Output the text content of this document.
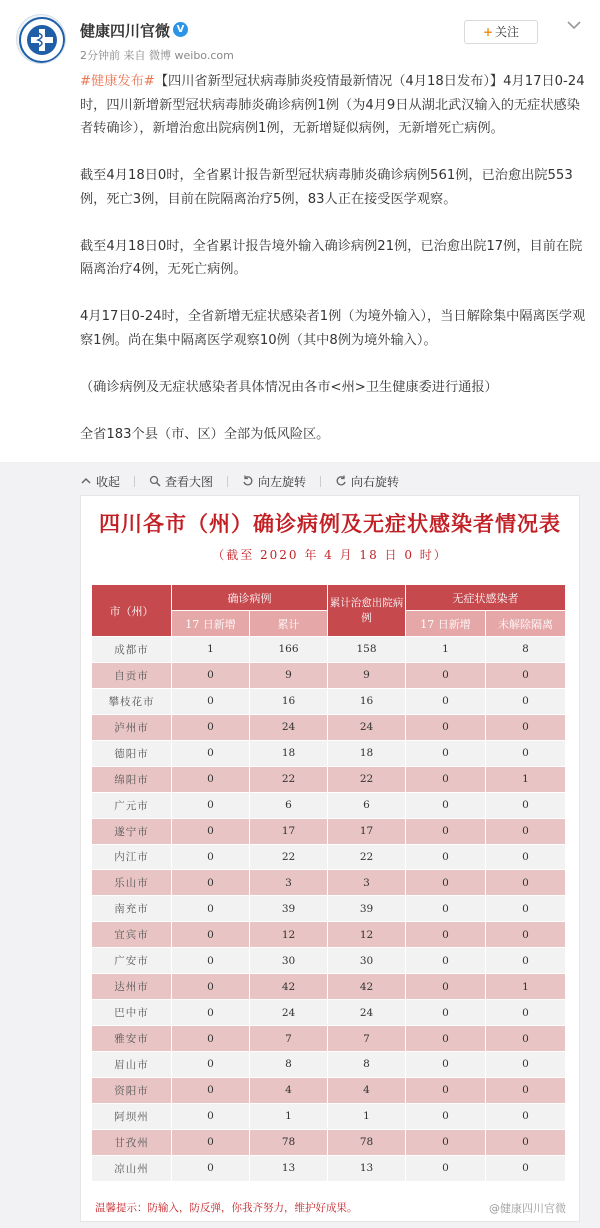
健康四川官微 V
2分钟前 来自 微博 weibo.com
+ 关注

#健康发布#【四川省新型冠状病毒肺炎疫情最新情况（4月18日发布）】4月17日0-24时，四川新增新型冠状病毒肺炎确诊病例1例（为4月9日从湖北武汉输入的无症状感染者转确诊），新增治愈出院病例1例，无新增疑似病例，无新增死亡病例。

截至4月18日0时，全省累计报告新型冠状病毒肺炎确诊病例561例，已治愈出院553例，死亡3例，目前在院隔离治疗5例，83人正在接受医学观察。

截至4月18日0时，全省累计报告境外输入确诊病例21例，已治愈出院17例，目前在院隔离治疗4例，无死亡病例。

4月17日0-24时，全省新增无症状感染者1例（为境外输入），当日解除集中隔离医学观察1例。尚在集中隔离医学观察10例（其中8例为境外输入）。

（确诊病例及无症状感染者具体情况由各市<州>卫生健康委进行通报）

全省183个县（市、区）全部为低风险区。

收起	查看大图	向左旋转	向右旋转
四川各市（州）确诊病例及无症状感染者情况表
（截至 2020 年 4 月 18 日 0 时）
市（州）	确诊病例		累计治愈出院病例	无症状感染者	
	17 日新增	累计		17 日新增	未解除隔离
成都市	1	166	158	1	8
自贡市	0	9	9	0	0
攀枝花市	0	16	16	0	0
泸州市	0	24	24	0	0
德阳市	0	18	18	0	0
绵阳市	0	22	22	0	1
广元市	0	6	6	0	0
遂宁市	0	17	17	0	0
内江市	0	22	22	0	0
乐山市	0	3	3	0	0
南充市	0	39	39	0	0
宜宾市	0	12	12	0	0
广安市	0	30	30	0	0
达州市	0	42	42	0	1
巴中市	0	24	24	0	0
雅安市	0	7	7	0	0
眉山市	0	8	8	0	0
资阳市	0	4	4	0	0
阿坝州	0	1	1	0	0
甘孜州	0	78	78	0	0
凉山州	0	13	13	0	0
温馨提示：防输入，防反弹，你我齐努力，维护好成果。	@健康四川官微
